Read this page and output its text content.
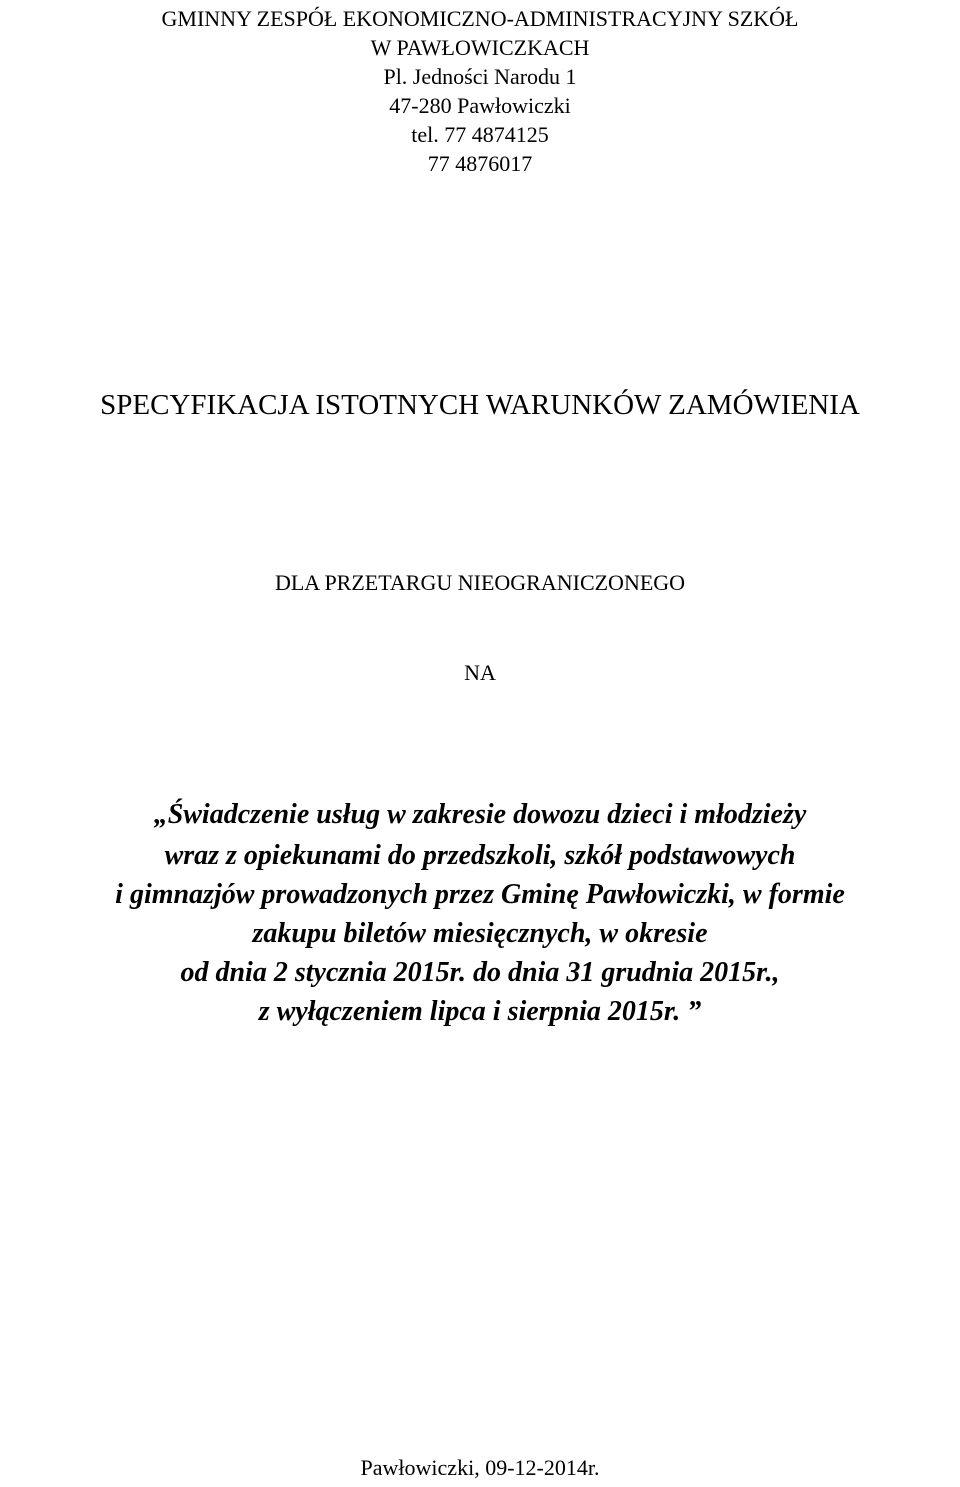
GMINNY ZESPÓŁ EKONOMICZNO-ADMINISTRACYJNY SZKÓŁ
W PAWŁOWICZKACH
Pl. Jedności Narodu 1
47-280 Pawłowiczki
tel. 77 4874125
77 4876017
SPECYFIKACJA ISTOTNYCH WARUNKÓW ZAMÓWIENIA
DLA PRZETARGU NIEOGRANICZONEGO
NA
„Świadczenie usług w zakresie dowozu dzieci i młodzieży
wraz z opiekunami do przedszkoli, szkół podstawowych
i gimnazjów prowadzonych przez Gminę Pawłowiczki, w formie
zakupu biletów miesięcznych, w okresie
od dnia 2 stycznia 2015r. do dnia 31 grudnia 2015r.,
z wyłączeniem lipca i sierpnia 2015r. ”
Pawłowiczki, 09-12-2014r.
